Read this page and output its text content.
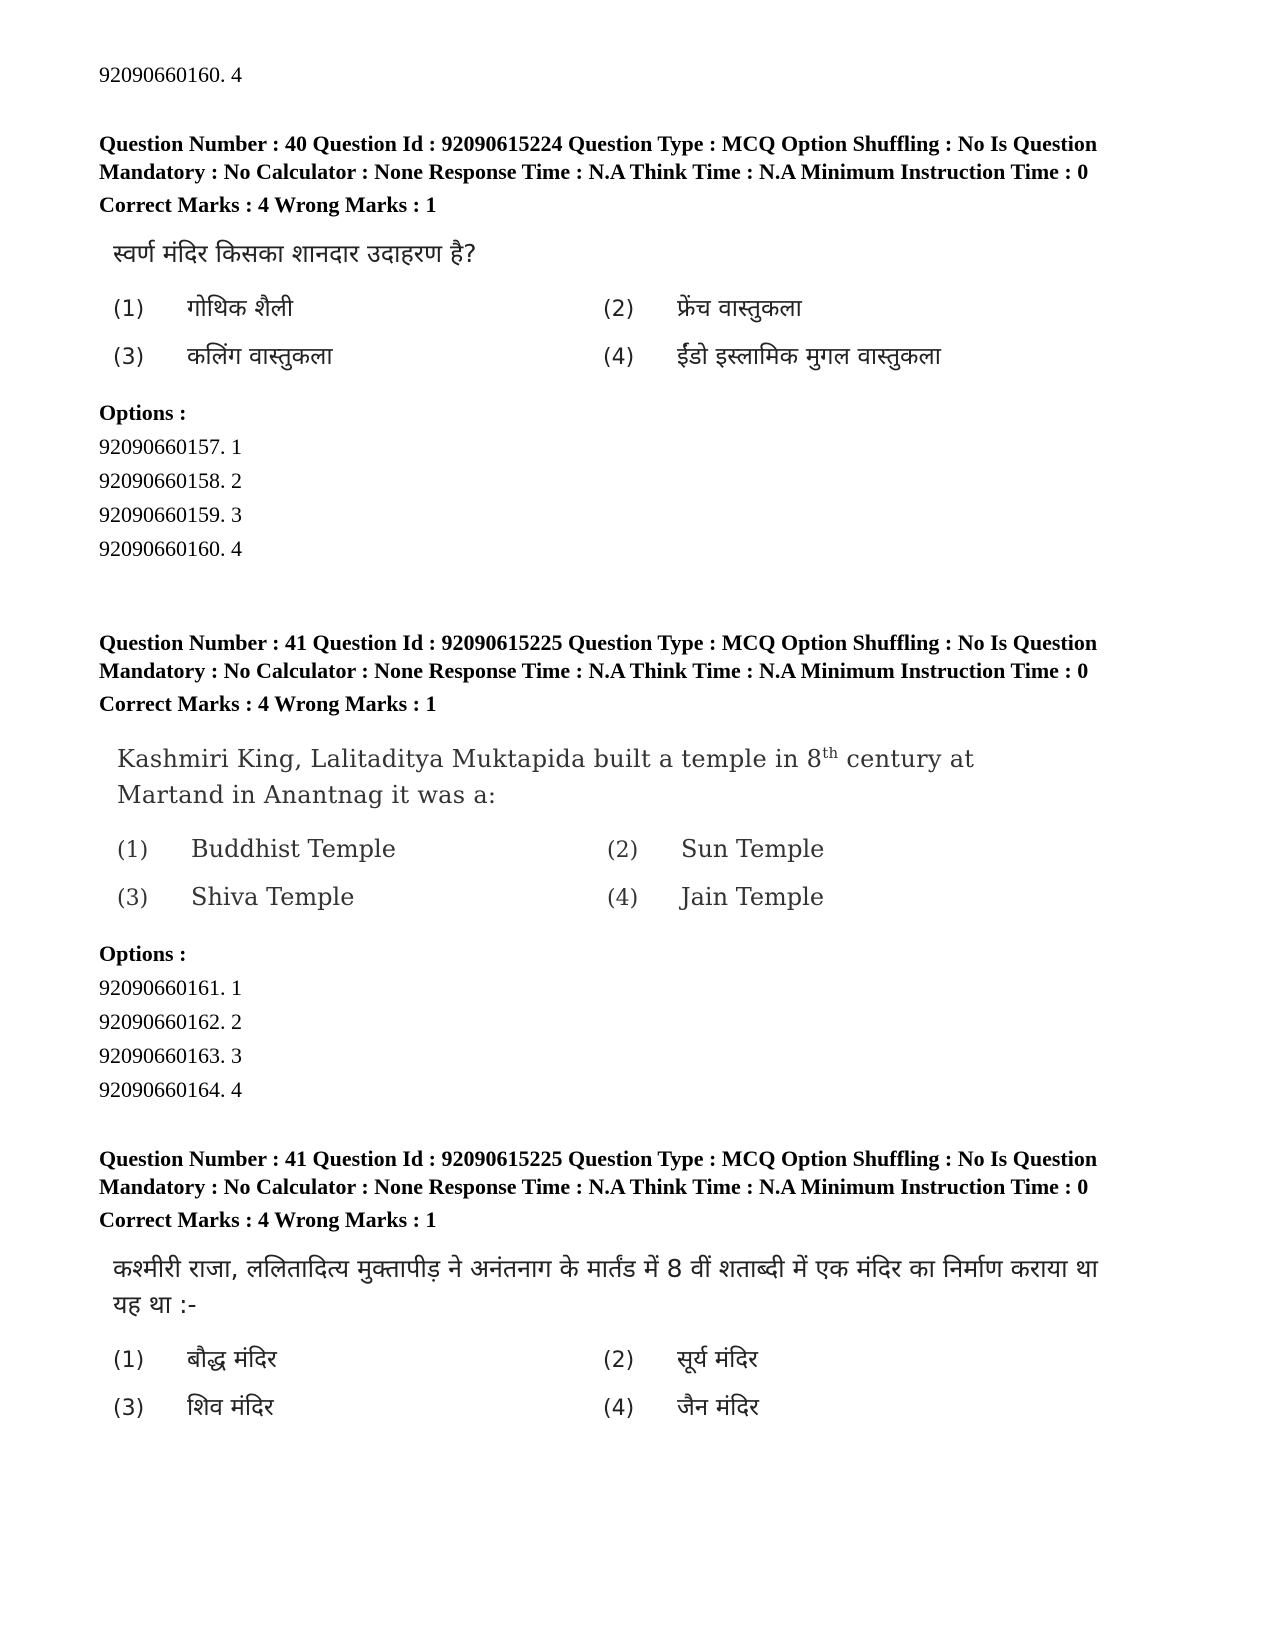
92090660160. 4
Question Number : 40 Question Id : 92090615224 Question Type : MCQ Option Shuffling : No Is Question Mandatory : No Calculator : None Response Time : N.A Think Time : N.A Minimum Instruction Time : 0
Correct Marks : 4 Wrong Marks : 1
स्वर्ण मंदिर किसका शानदार उदाहरण है?
(1)	गोथिक शैली	(2)	फ्रेंच वास्तुकला
(3)	कलिंग वास्तुकला	(4)	ईंडो इस्लामिक मुगल वास्तुकला
Options :
92090660157. 1
92090660158. 2
92090660159. 3
92090660160. 4
Question Number : 41 Question Id : 92090615225 Question Type : MCQ Option Shuffling : No Is Question Mandatory : No Calculator : None Response Time : N.A Think Time : N.A Minimum Instruction Time : 0
Correct Marks : 4 Wrong Marks : 1
Kashmiri King, Lalitaditya Muktapida built a temple in 8th century at Martand in Anantnag it was a:
(1)	Buddhist Temple	(2)	Sun Temple
(3)	Shiva Temple	(4)	Jain Temple
Options :
92090660161. 1
92090660162. 2
92090660163. 3
92090660164. 4
Question Number : 41 Question Id : 92090615225 Question Type : MCQ Option Shuffling : No Is Question Mandatory : No Calculator : None Response Time : N.A Think Time : N.A Minimum Instruction Time : 0
Correct Marks : 4 Wrong Marks : 1
कश्मीरी राजा, ललितादित्य मुक्तापीड़ ने अनंतनाग के मार्तंड में 8 वीं शताब्दी में एक मंदिर का निर्माण कराया था यह था :-
(1)	बौद्ध मंदिर	(2)	सूर्य मंदिर
(3)	शिव मंदिर	(4)	जैन मंदिर
